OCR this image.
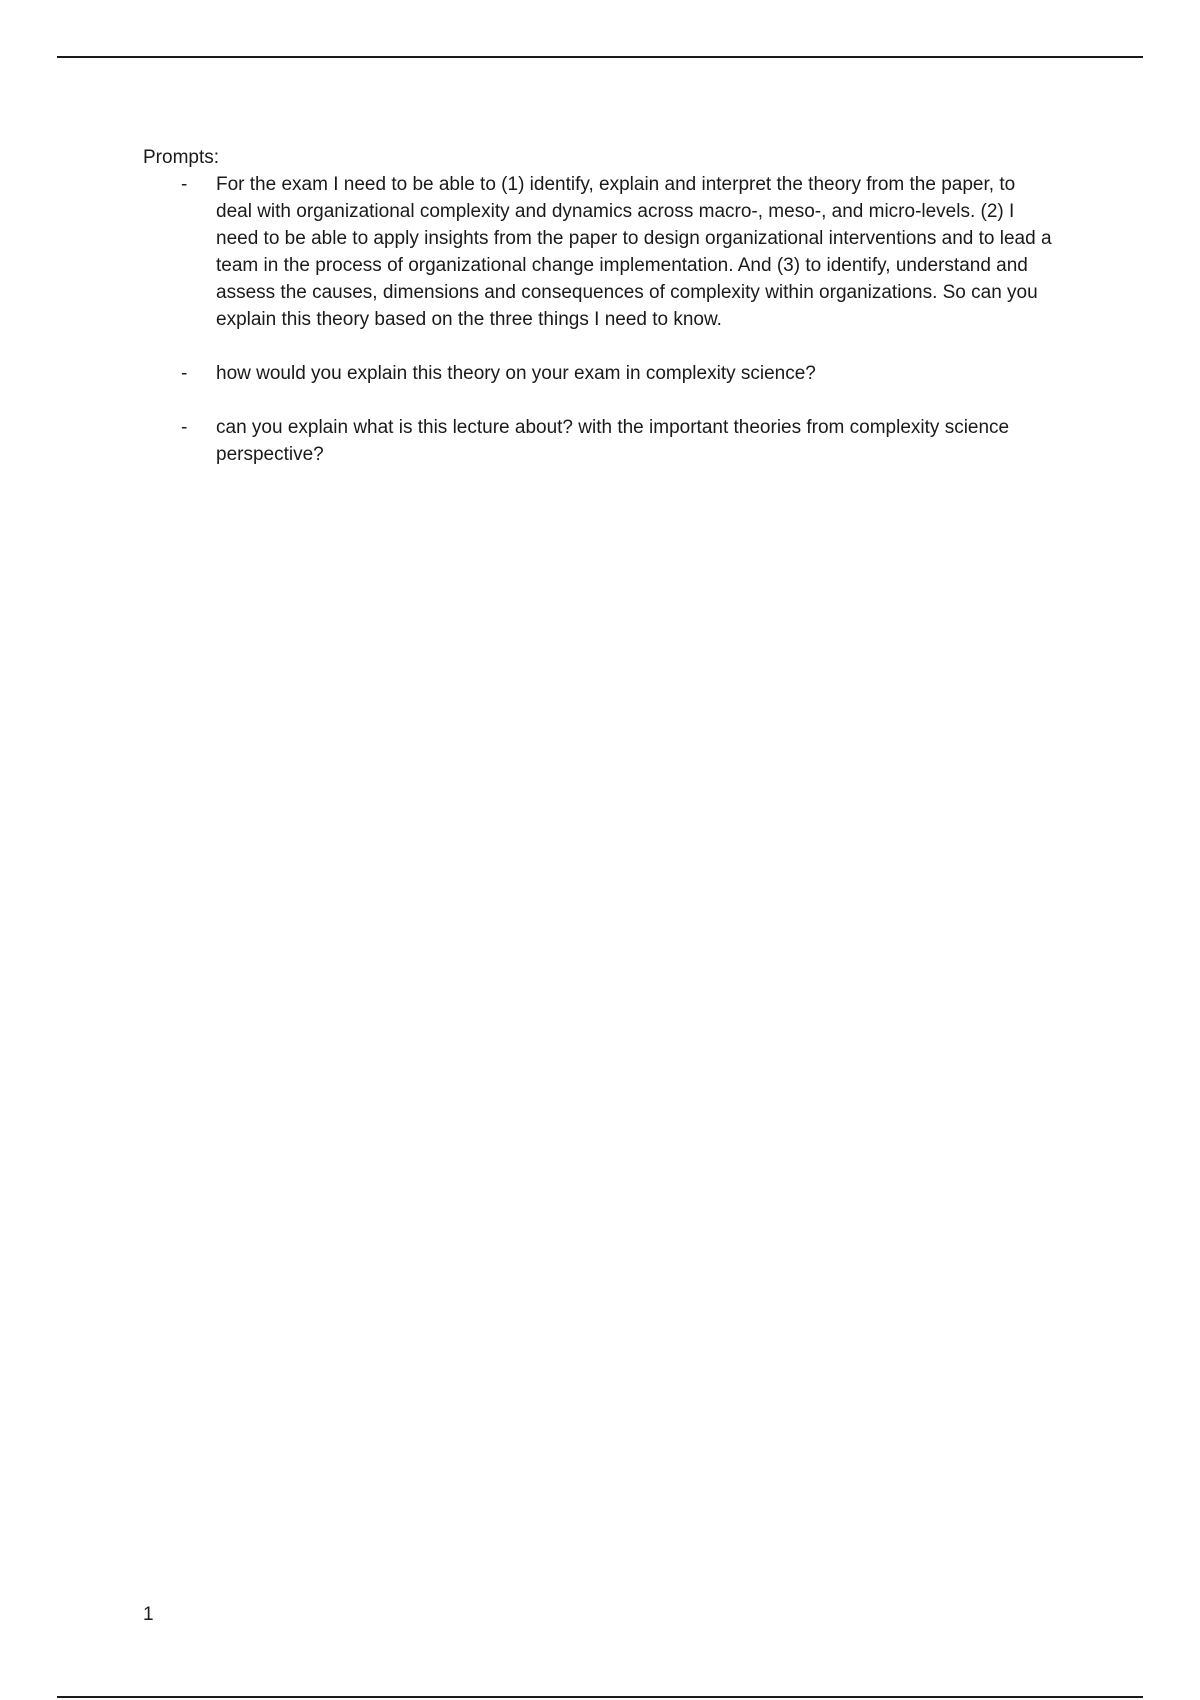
Prompts:
- For the exam I need to be able to (1) identify, explain and interpret the theory from the paper, to deal with organizational complexity and dynamics across macro-, meso-, and micro-levels. (2) I need to be able to apply insights from the paper to design organizational interventions and to lead a team in the process of organizational change implementation. And (3) to identify, understand and assess the causes, dimensions and consequences of complexity within organizations. So can you explain this theory based on the three things I need to know.
- how would you explain this theory on your exam in complexity science?
- can you explain what is this lecture about? with the important theories from complexity science perspective?
1
